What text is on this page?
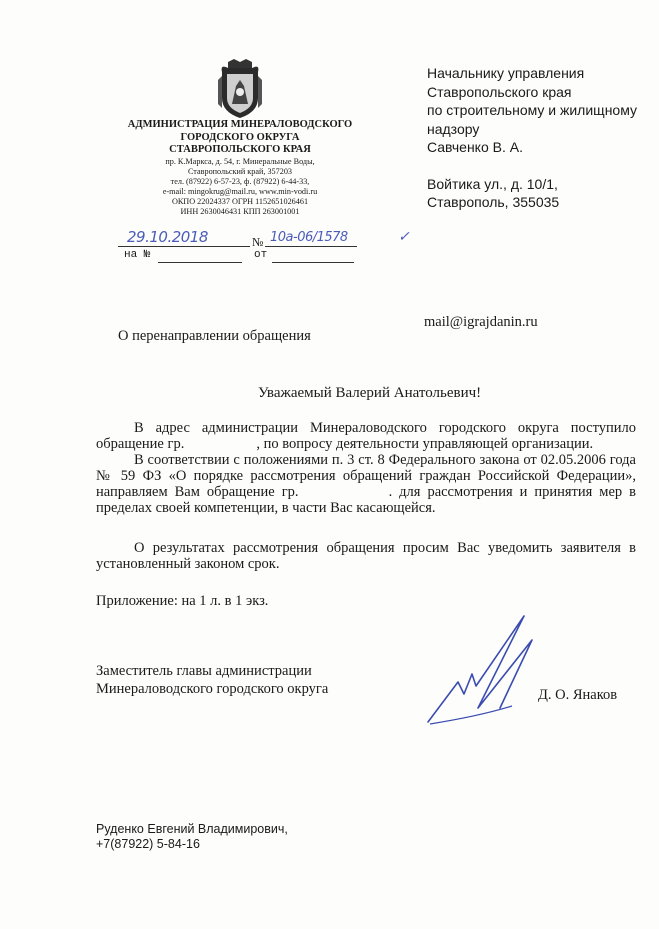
АДМИНИСТРАЦИЯ МИНЕРАЛОВОДСКОГО
ГОРОДСКОГО ОКРУГА
СТАВРОПОЛЬСКОГО КРАЯ
пр. К.Маркса, д. 54, г. Минеральные Воды,
Ставропольский край, 357203
тел. (87922) 6-57-23, ф. (87922) 6-44-33,
e-mail: mingokrug@mail.ru, www.min-vodi.ru
ОКПО 22024337 ОГРН 1152651026461
ИНН 2630046431 КПП 263001001
29.10.2018	№ 10а-06/1578	✓
на №	от
Начальнику управления
Ставропольского края
по строительному и жилищному
надзору
Савченко В. А.
Войтика ул., д. 10/1,
Ставрополь, 355035
mail@igrajdanin.ru
О перенаправлении обращения
Уважаемый Валерий Анатольевич!
В адрес администрации Минераловодского городского округа поступило обращение гр.	, по вопросу деятельности управляющей организации.
В соответствии с положениями п. 3 ст. 8 Федерального закона от 02.05.2006 года № 59 ФЗ «О порядке рассмотрения обращений граждан Российской Федерации», направляем Вам обращение гр.	. для рассмотрения и принятия мер в пределах своей компетенции, в части Вас касающейся.
О результатах рассмотрения обращения просим Вас уведомить заявителя в установленный законом срок.
Приложение: на 1 л. в 1 экз.
Заместитель главы администрации
Минераловодского городского округа	Д. О. Янаков
Руденко Евгений Владимирович,
+7(87922) 5-84-16
